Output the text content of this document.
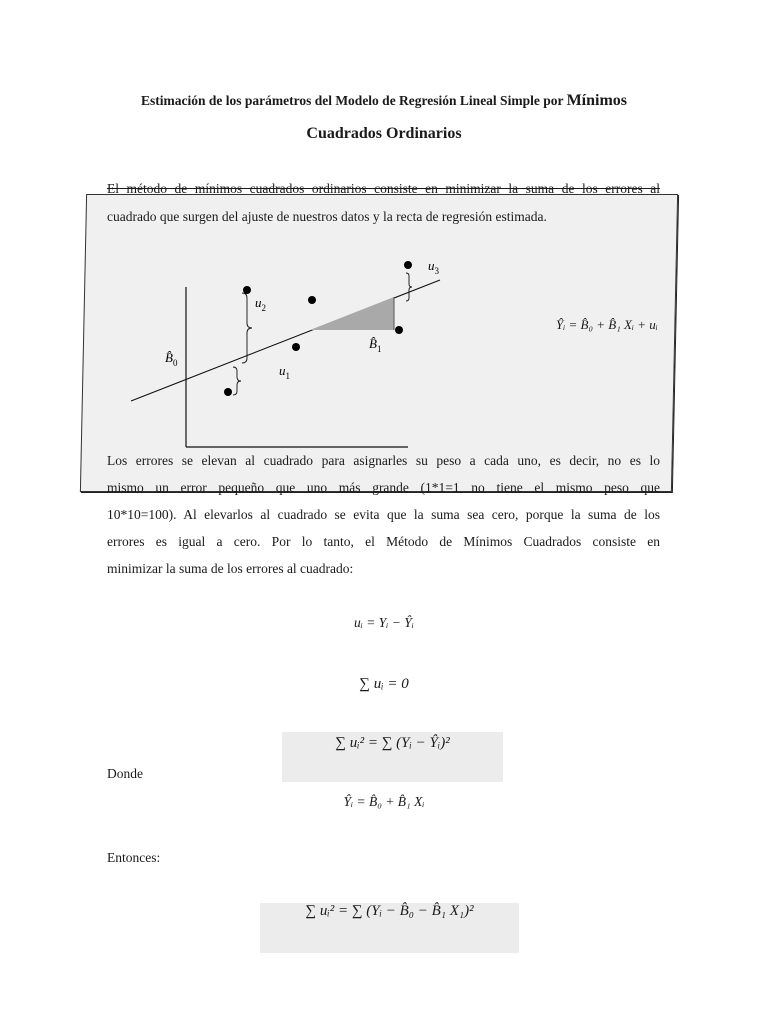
Estimación de los parámetros del Modelo de Regresión Lineal Simple por Mínimos
Cuadrados Ordinarios
El método de mínimos cuadrados ordinarios consiste en minimizar la suma de los errores al
cuadrado que surgen del ajuste de nuestros datos y la recta de regresión estimada.
$u_2$
$u_1$
$u_3$
$B̂_0$
$B̂_1$
Ŷᵢ = B̂₀ + B̂₁ Xᵢ + uᵢ
Los errores se elevan al cuadrado para asignarles su peso a cada uno, es decir, no es lo
mismo un error pequeño que uno más grande (1*1=1 no tiene el mismo peso que
10*10=100). Al elevarlos al cuadrado se evita que la suma sea cero, porque la suma de los
errores es igual a cero. Por lo tanto, el Método de Mínimos Cuadrados consiste en
minimizar la suma de los errores al cuadrado:
uᵢ = Yᵢ − Ŷᵢ
∑ uᵢ = 0
∑ uᵢ² = ∑ (Yᵢ − Ŷᵢ)²
Donde
Ŷᵢ = B̂₀ + B̂₁ Xᵢ
Entonces:
∑ uᵢ² = ∑ (Yᵢ − B̂₀ − B̂₁ X₁)²
